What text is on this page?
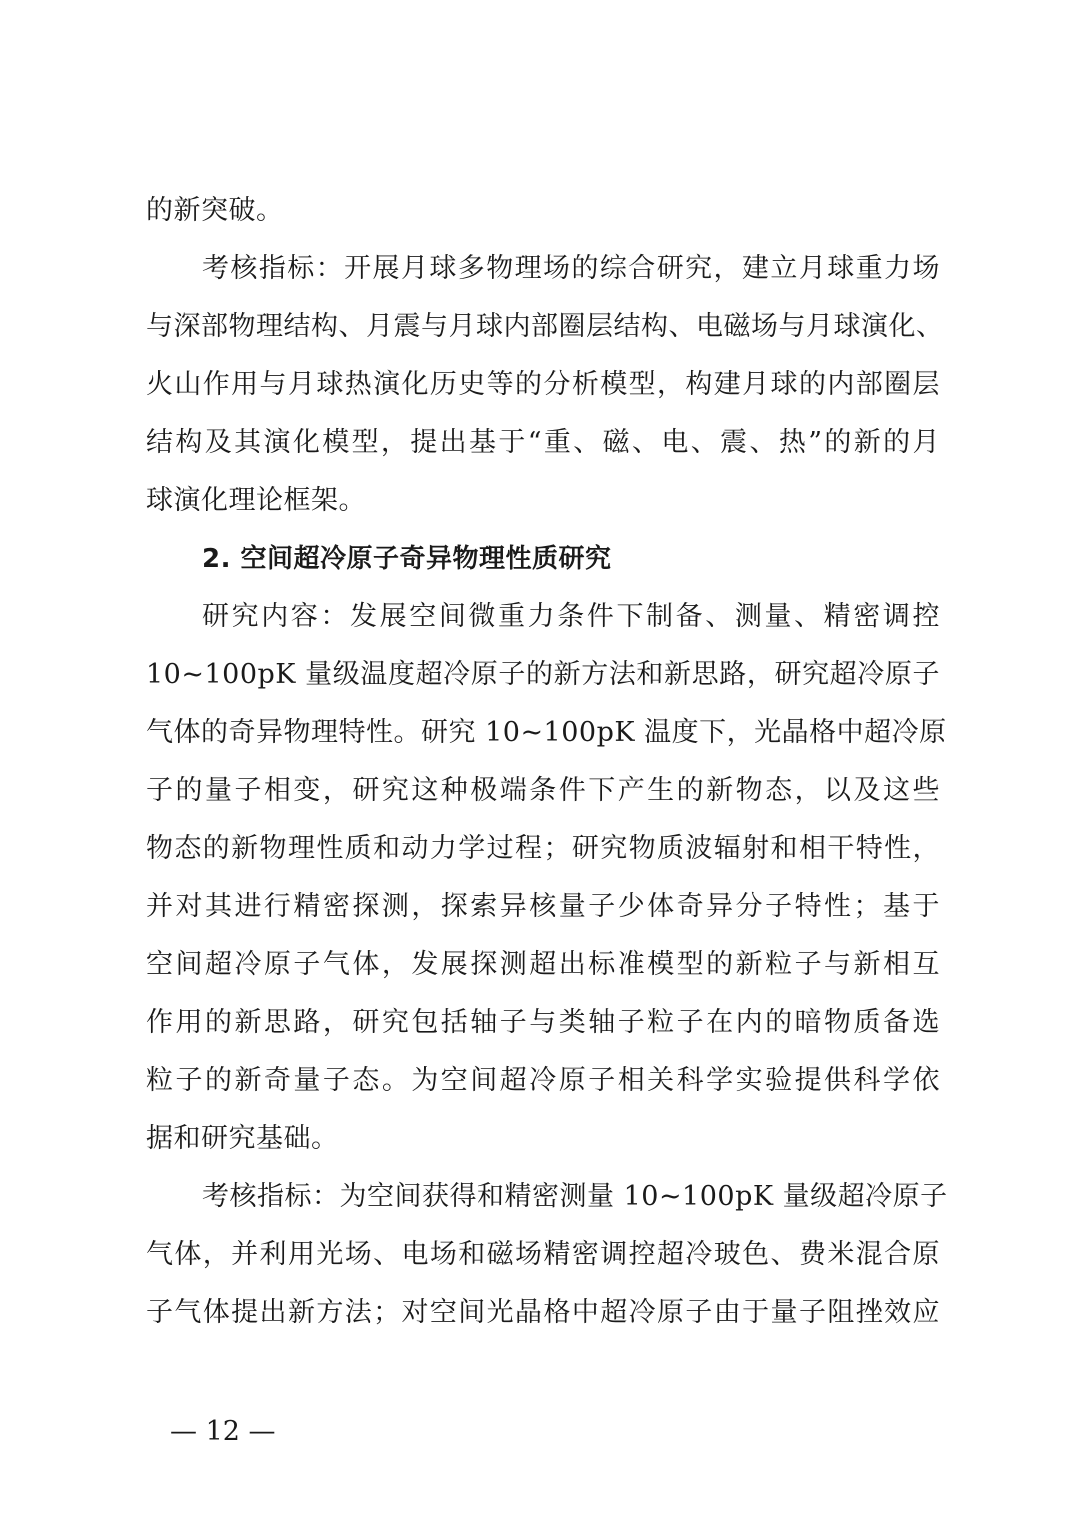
的新突破。
考核指标：开展月球多物理场的综合研究，建立月球重力场
与深部物理结构、月震与月球内部圈层结构、电磁场与月球演化、
火山作用与月球热演化历史等的分析模型，构建月球的内部圈层
结构及其演化模型，提出基于“重、磁、电、震、热”的新的月
球演化理论框架。
2. 空间超冷原子奇异物理性质研究
研究内容：发展空间微重力条件下制备、测量、精密调控
10~100pK 量级温度超冷原子的新方法和新思路，研究超冷原子
气体的奇异物理特性。研究 10~100pK 温度下，光晶格中超冷原
子的量子相变，研究这种极端条件下产生的新物态，以及这些
物态的新物理性质和动力学过程；研究物质波辐射和相干特性，
并对其进行精密探测，探索异核量子少体奇异分子特性；基于
空间超冷原子气体，发展探测超出标准模型的新粒子与新相互
作用的新思路，研究包括轴子与类轴子粒子在内的暗物质备选
粒子的新奇量子态。为空间超冷原子相关科学实验提供科学依
据和研究基础。
考核指标：为空间获得和精密测量 10~100pK 量级超冷原子
气体，并利用光场、电场和磁场精密调控超冷玻色、费米混合原
子气体提出新方法；对空间光晶格中超冷原子由于量子阻挫效应
— 12 —
